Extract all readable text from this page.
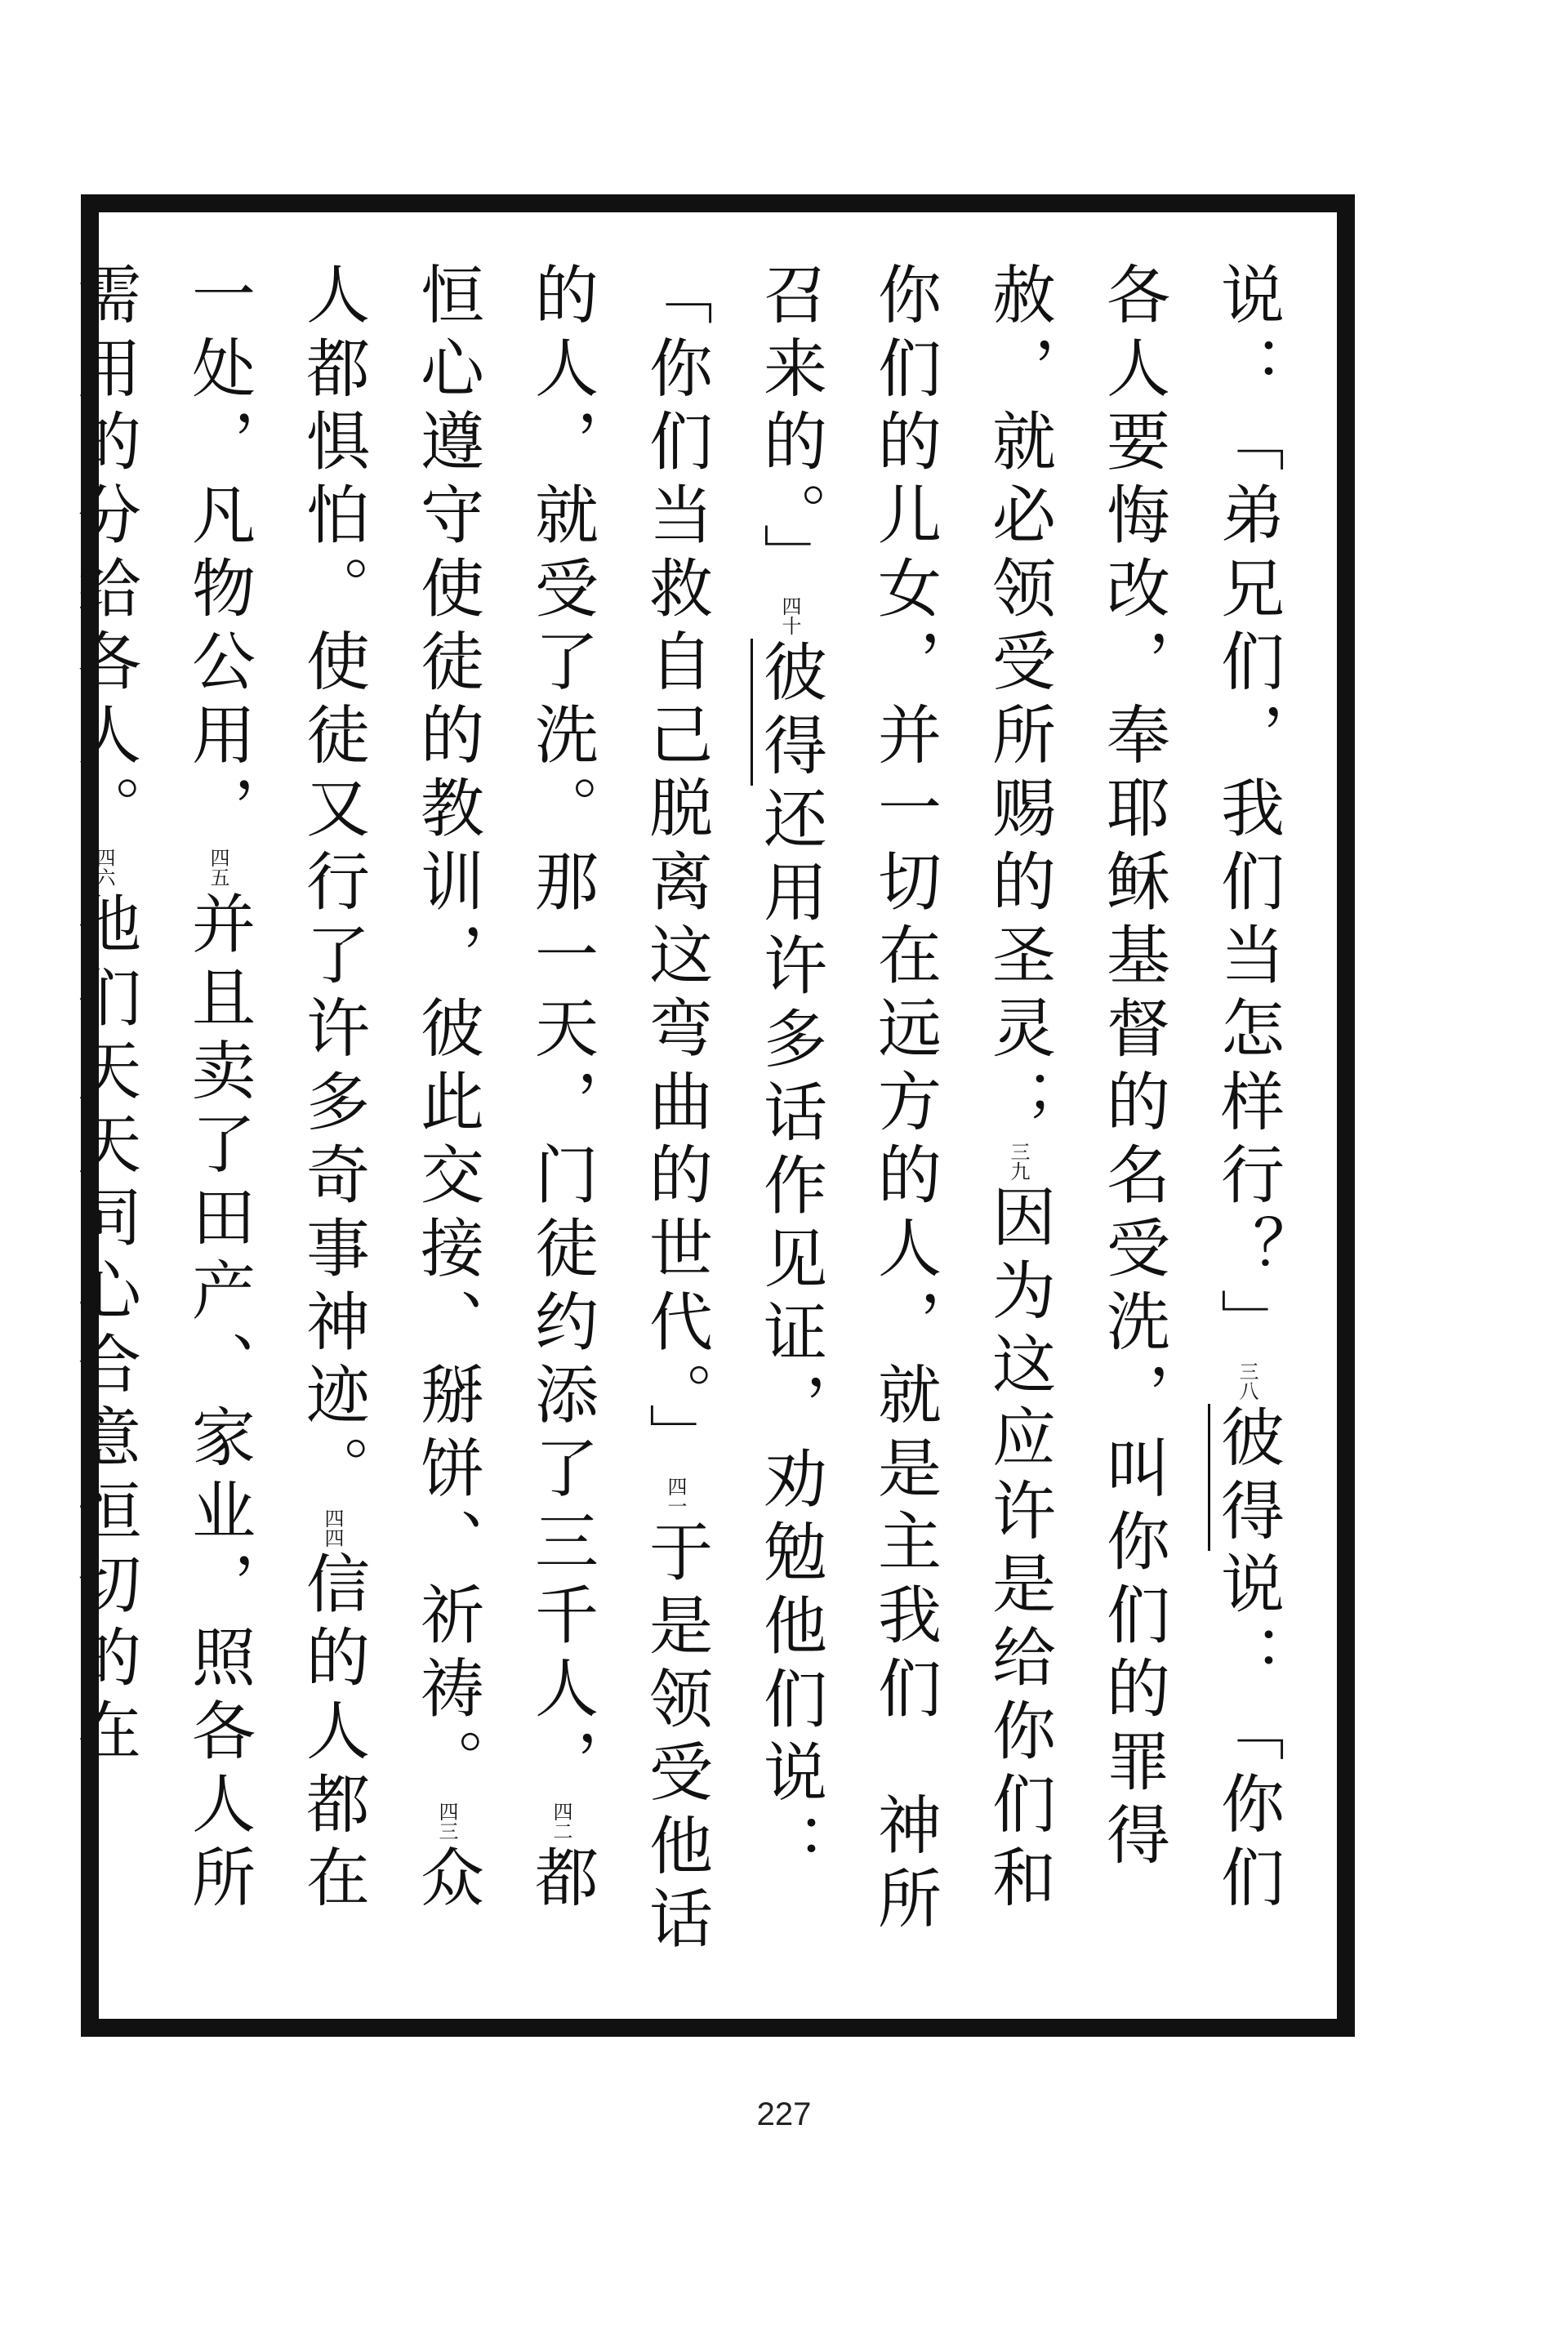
说：「弟兄们，我们当怎样行？」三八彼得说：「你们各人要悔改，奉耶稣基督的名受洗，叫你们的罪得赦，就必领受所赐的圣灵；三九因为这应许是给你们和你们的儿女，并一切在远方的人，就是主我们　神所召来的。」四十彼得还用许多话作见证，劝勉他们说：「你们当救自己脱离这弯曲的世代。」四一于是领受他话的人，就受了洗。那一天，门徒约添了三千人，四二都恒心遵守使徒的教训，彼此交接、掰饼、祈祷。四三众人都惧怕。使徒又行了许多奇事神迹。四四信的人都在一处，凡物公用，四五并且卖了田产、家业，照各人所需用的分给各人。四六他们天天同心合意恒切的在
227
